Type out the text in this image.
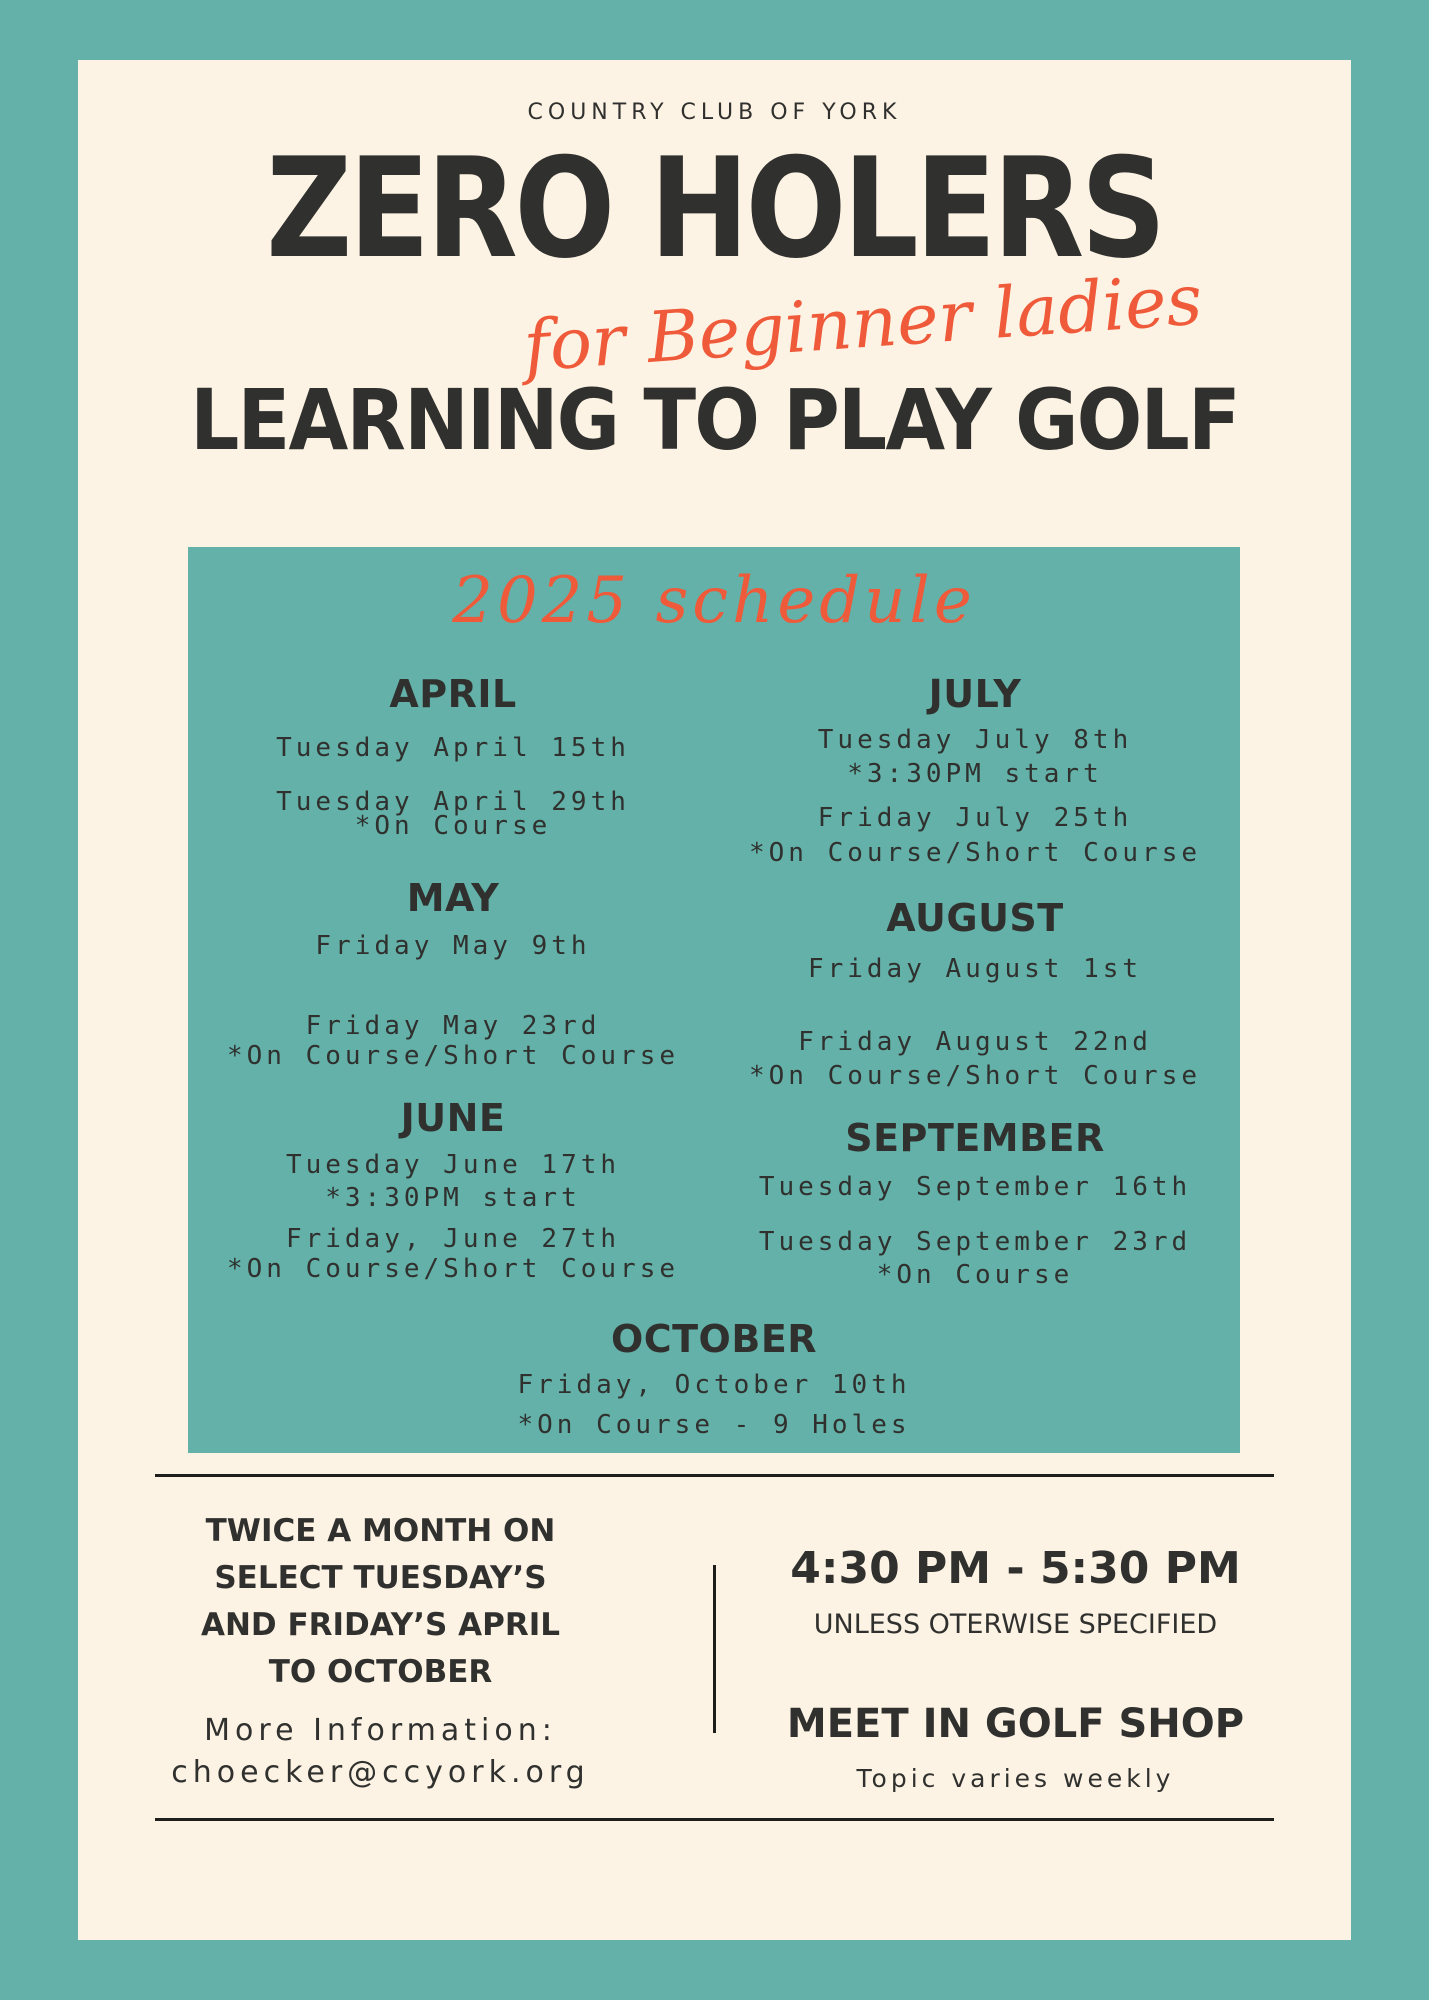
COUNTRY CLUB OF YORK

ZERO HOLERS
for Beginner ladies
LEARNING TO PLAY GOLF
2025 schedule
APRIL
Tuesday April 15th
Tuesday April 29th
*On Course
MAY
Friday May 9th
Friday May 23rd
*On Course/Short Course
JUNE
Tuesday June 17th
*3:30PM start
Friday, June 27th
*On Course/Short Course
JULY
Tuesday July 8th
*3:30PM start
Friday July 25th
*On Course/Short Course
AUGUST
Friday August 1st
Friday August 22nd
*On Course/Short Course
SEPTEMBER
Tuesday September 16th
Tuesday September 23rd
*On Course
OCTOBER
Friday, October 10th
*On Course - 9 Holes

TWICE A MONTH ON

SELECT TUESDAY’S

AND FRIDAY’S APRIL

TO OCTOBER

More Information:

choecker@ccyork.org

4:30 PM - 5:30 PM

UNLESS OTERWISE SPECIFIED

MEET IN GOLF SHOP

Topic varies weekly
